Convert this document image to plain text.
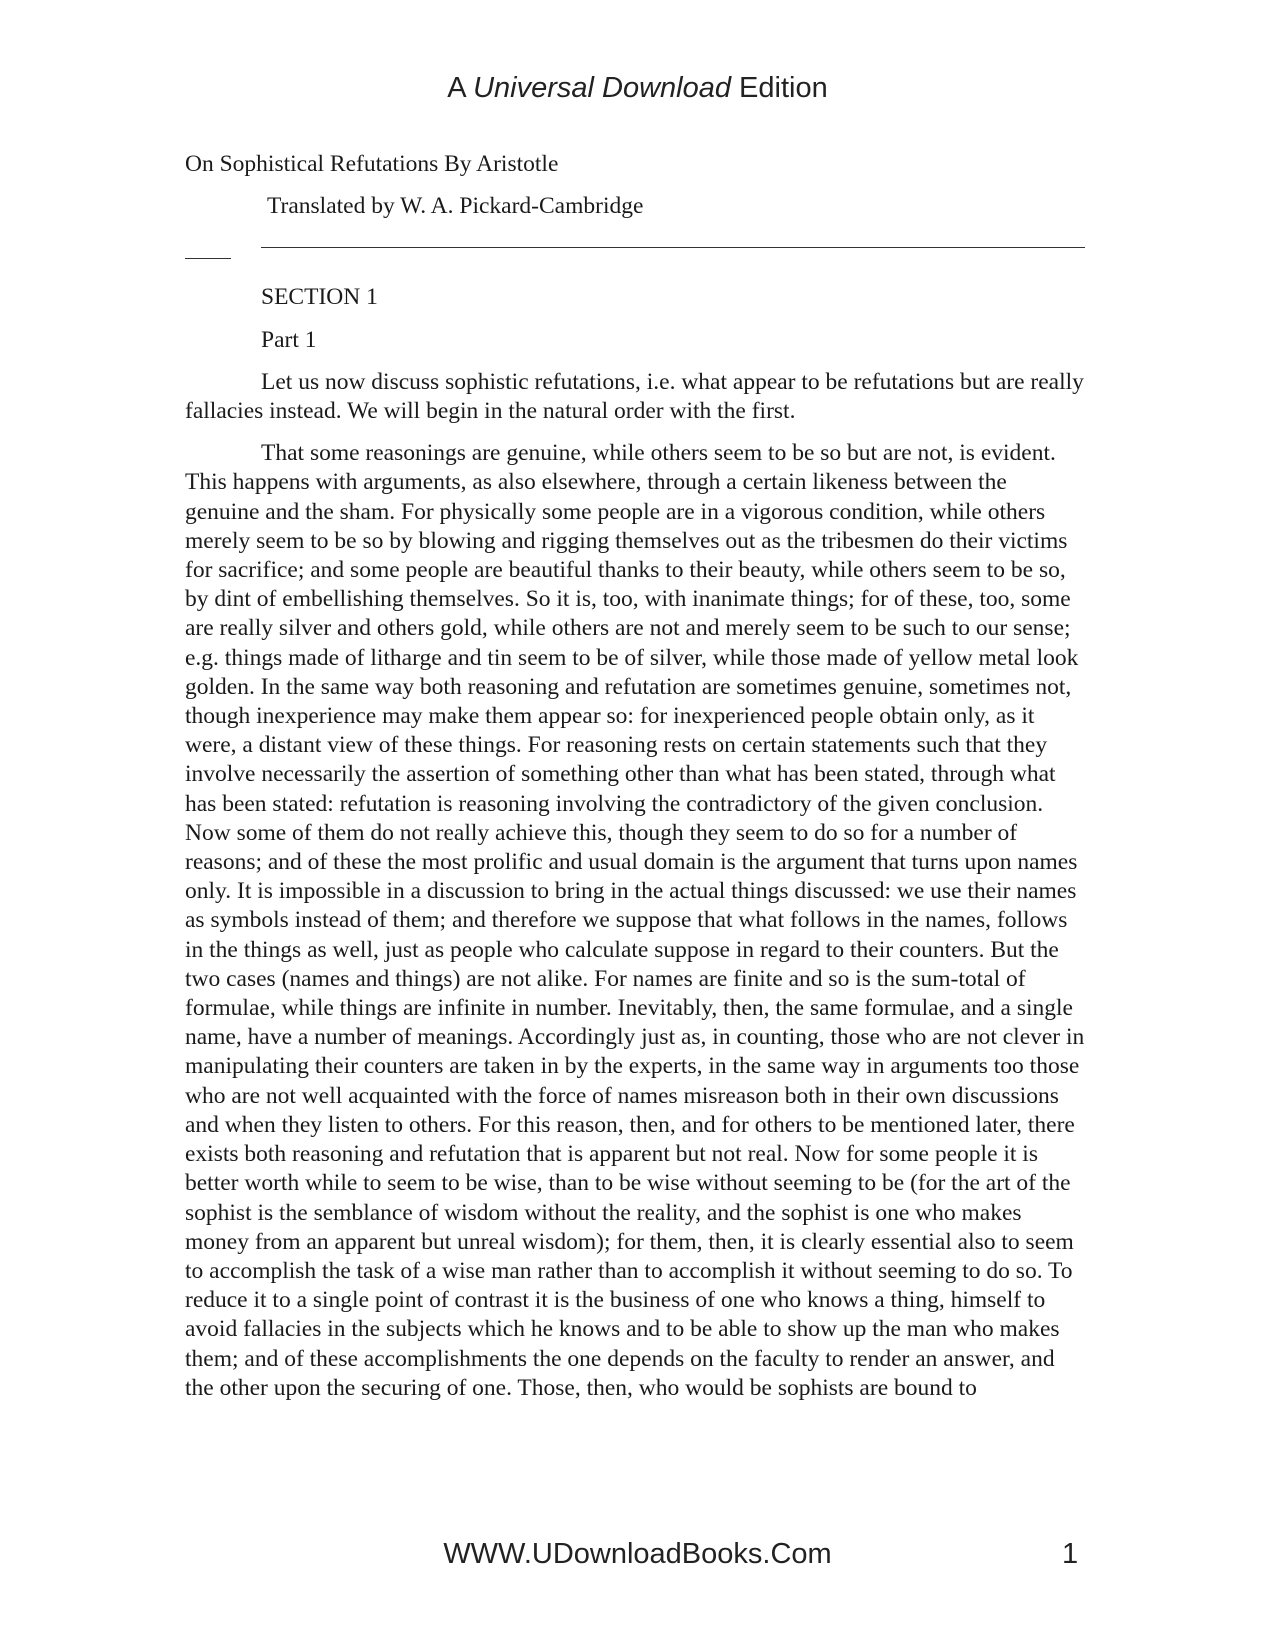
A Universal Download Edition

On Sophistical Refutations By Aristotle

Translated by W. A. Pickard-Cambridge

SECTION 1

Part 1

Let us now discuss sophistic refutations, i.e. what appear to be refutations but are really fallacies instead. We will begin in the natural order with the first.

That some reasonings are genuine, while others seem to be so but are not, is evident. This happens with arguments, as also elsewhere, through a certain likeness between the genuine and the sham. For physically some people are in a vigorous condition, while others merely seem to be so by blowing and rigging themselves out as the tribesmen do their victims for sacrifice; and some people are beautiful thanks to their beauty, while others seem to be so, by dint of embellishing themselves. So it is, too, with inanimate things; for of these, too, some are really silver and others gold, while others are not and merely seem to be such to our sense; e.g. things made of litharge and tin seem to be of silver, while those made of yellow metal look golden. In the same way both reasoning and refutation are sometimes genuine, sometimes not, though inexperience may make them appear so: for inexperienced people obtain only, as it were, a distant view of these things. For reasoning rests on certain statements such that they involve necessarily the assertion of something other than what has been stated, through what has been stated: refutation is reasoning involving the contradictory of the given conclusion. Now some of them do not really achieve this, though they seem to do so for a number of reasons; and of these the most prolific and usual domain is the argument that turns upon names only. It is impossible in a discussion to bring in the actual things discussed: we use their names as symbols instead of them; and therefore we suppose that what follows in the names, follows in the things as well, just as people who calculate suppose in regard to their counters. But the two cases (names and things) are not alike. For names are finite and so is the sum-total of formulae, while things are infinite in number. Inevitably, then, the same formulae, and a single name, have a number of meanings. Accordingly just as, in counting, those who are not clever in manipulating their counters are taken in by the experts, in the same way in arguments too those who are not well acquainted with the force of names misreason both in their own discussions and when they listen to others. For this reason, then, and for others to be mentioned later, there exists both reasoning and refutation that is apparent but not real. Now for some people it is better worth while to seem to be wise, than to be wise without seeming to be (for the art of the sophist is the semblance of wisdom without the reality, and the sophist is one who makes money from an apparent but unreal wisdom); for them, then, it is clearly essential also to seem to accomplish the task of a wise man rather than to accomplish it without seeming to do so. To reduce it to a single point of contrast it is the business of one who knows a thing, himself to avoid fallacies in the subjects which he knows and to be able to show up the man who makes them; and of these accomplishments the one depends on the faculty to render an answer, and the other upon the securing of one. Those, then, who would be sophists are bound to

WWW.UDownloadBooks.Com	1
